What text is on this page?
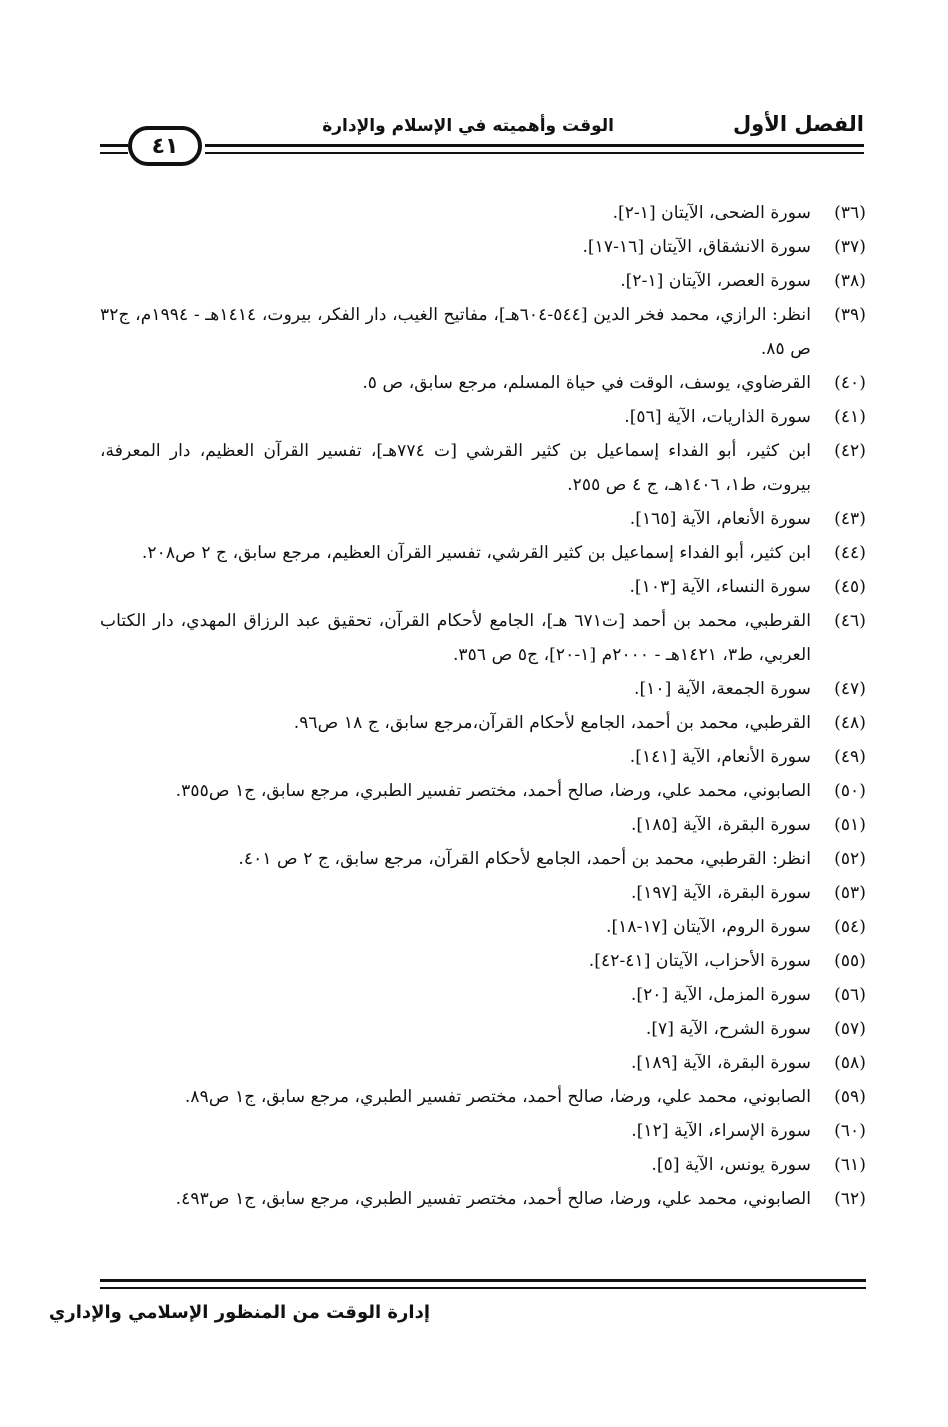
الفصل الأول
الوقت وأهميته في الإسلام والإدارة
٤١
(٣٦)
سورة الضحى، الآيتان [١-٢].
(٣٧)
سورة الانشقاق، الآيتان [١٦-١٧].
(٣٨)
سورة العصر، الآيتان [١-٢].
(٣٩)
انظر: الرازي، محمد فخر الدين [٥٤٤-٦٠٤هـ]، مفاتيح الغيب، دار الفكر، بيروت، ١٤١٤هـ - ١٩٩٤م، ج٣٢ ص ٨٥.
(٤٠)
القرضاوي، يوسف، الوقت في حياة المسلم، مرجع سابق، ص ٥.
(٤١)
سورة الذاريات، الآية [٥٦].
(٤٢)
ابن كثير، أبو الفداء إسماعيل بن كثير القرشي [ت ٧٧٤هـ]، تفسير القرآن العظيم، دار المعرفة، بيروت، ط١، ١٤٠٦هـ، ج ٤ ص ٢٥٥.
(٤٣)
سورة الأنعام، الآية [١٦٥].
(٤٤)
ابن كثير، أبو الفداء إسماعيل بن كثير القرشي، تفسير القرآن العظيم، مرجع سابق، ج ٢ ص٢٠٨.
(٤٥)
سورة النساء، الآية [١٠٣].
(٤٦)
القرطبي، محمد بن أحمد [ت٦٧١ هـ]، الجامع لأحكام القرآن، تحقيق عبد الرزاق المهدي، دار الكتاب العربي، ط٣، ١٤٢١هـ - ٢٠٠٠م [١-٢٠]، ج٥ ص ٣٥٦.
(٤٧)
سورة الجمعة، الآية [١٠].
(٤٨)
القرطبي، محمد بن أحمد، الجامع لأحكام القرآن،مرجع سابق، ج ١٨ ص٩٦.
(٤٩)
سورة الأنعام، الآية [١٤١].
(٥٠)
الصابوني، محمد علي، ورضا، صالح أحمد، مختصر تفسير الطبري، مرجع سابق، ج١ ص٣٥٥.
(٥١)
سورة البقرة، الآية [١٨٥].
(٥٢)
انظر: القرطبي، محمد بن أحمد، الجامع لأحكام القرآن، مرجع سابق، ج ٢ ص ٤٠١.
(٥٣)
سورة البقرة، الآية [١٩٧].
(٥٤)
سورة الروم، الآيتان [١٧-١٨].
(٥٥)
سورة الأحزاب، الآيتان [٤١-٤٢].
(٥٦)
سورة المزمل، الآية [٢٠].
(٥٧)
سورة الشرح، الآية [٧].
(٥٨)
سورة البقرة، الآية [١٨٩].
(٥٩)
الصابوني، محمد علي، ورضا، صالح أحمد، مختصر تفسير الطبري، مرجع سابق، ج١ ص٨٩.
(٦٠)
سورة الإسراء، الآية [١٢].
(٦١)
سورة يونس، الآية [٥].
(٦٢)
الصابوني، محمد علي، ورضا، صالح أحمد، مختصر تفسير الطبري، مرجع سابق، ج١ ص٤٩٣.
إدارة الوقت من المنظور الإسلامي والإداري
